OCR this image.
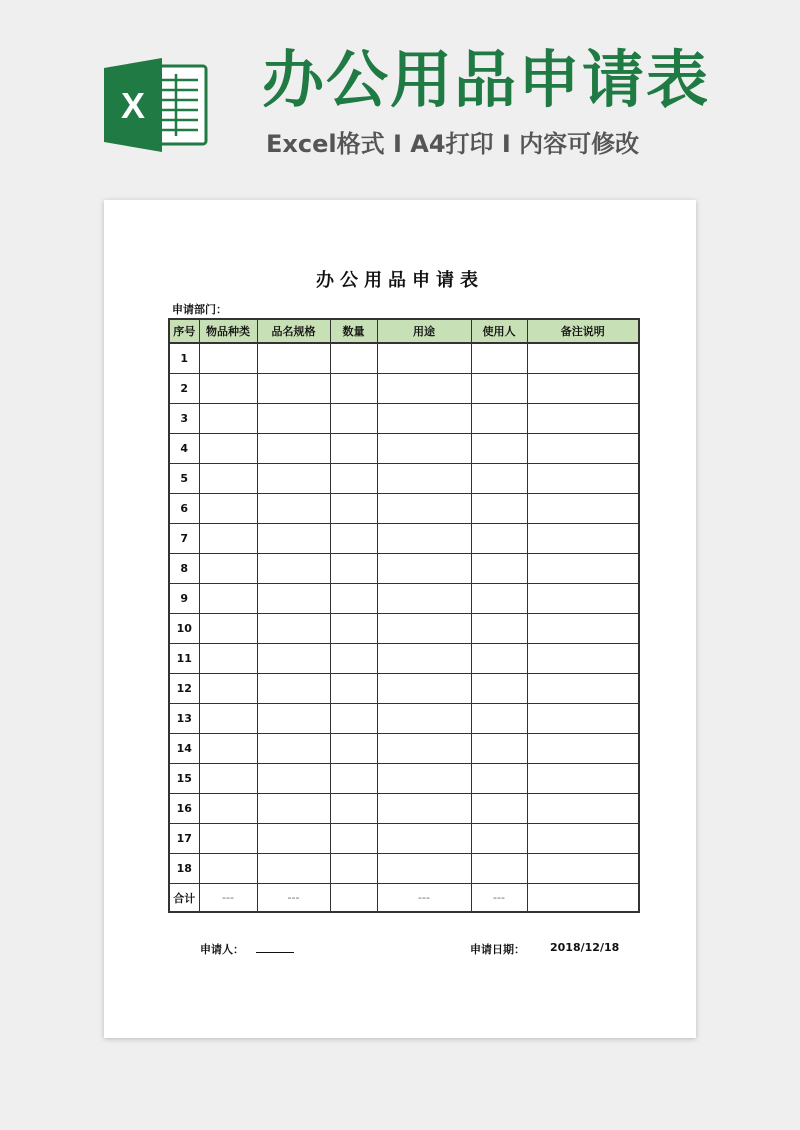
X 办公用品申请表
Excel格式 I A4打印 I 内容可修改
办公用品申请表
申请部门：
序号	物品种类	品名规格	数量	用途	使用人	备注说明
1						
2						
3						
4						
5						
6						
7						
8						
9						
10						
11						
12						
13						
14						
15						
16						
17						
18						
合计	---	---		---	---	
申请人：	申请日期： 2018/12/18
